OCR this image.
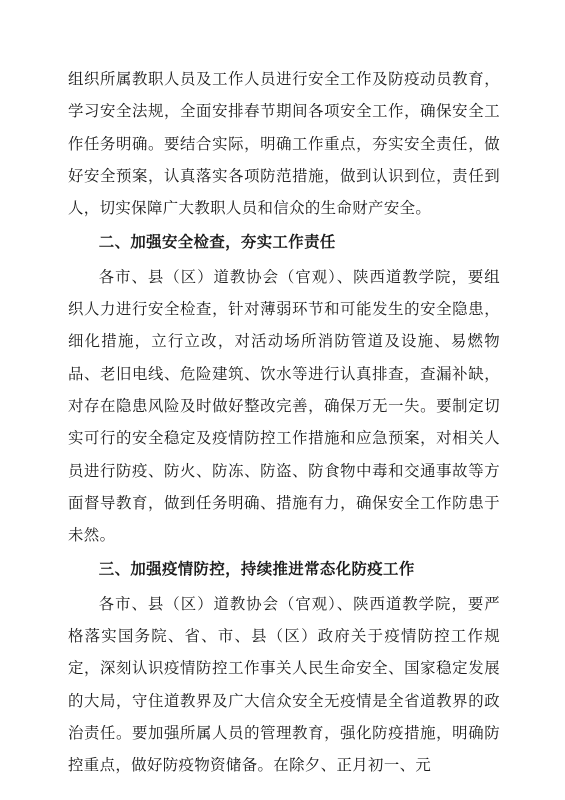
组织所属教职人员及工作人员进行安全工作及防疫动员教育，学习安全法规，全面安排春节期间各项安全工作，确保安全工作任务明确。要结合实际，明确工作重点，夯实安全责任，做好安全预案，认真落实各项防范措施，做到认识到位，责任到人，切实保障广大教职人员和信众的生命财产安全。

二、加强安全检查，夯实工作责任

各市、县（区）道教协会（官观）、陕西道教学院，要组织人力进行安全检查，针对薄弱环节和可能发生的安全隐患，细化措施，立行立改，对活动场所消防管道及设施、易燃物品、老旧电线、危险建筑、饮水等进行认真排查，查漏补缺，对存在隐患风险及时做好整改完善，确保万无一失。要制定切实可行的安全稳定及疫情防控工作措施和应急预案，对相关人员进行防疫、防火、防冻、防盗、防食物中毒和交通事故等方面督导教育，做到任务明确、措施有力，确保安全工作防患于未然。

三、加强疫情防控，持续推进常态化防疫工作

各市、县（区）道教协会（官观）、陕西道教学院，要严格落实国务院、省、市、县（区）政府关于疫情防控工作规定，深刻认识疫情防控工作事关人民生命安全、国家稳定发展的大局，守住道教界及广大信众安全无疫情是全省道教界的政治责任。要加强所属人员的管理教育，强化防疫措施，明确防控重点，做好防疫物资储备。在除夕、正月初一、元
